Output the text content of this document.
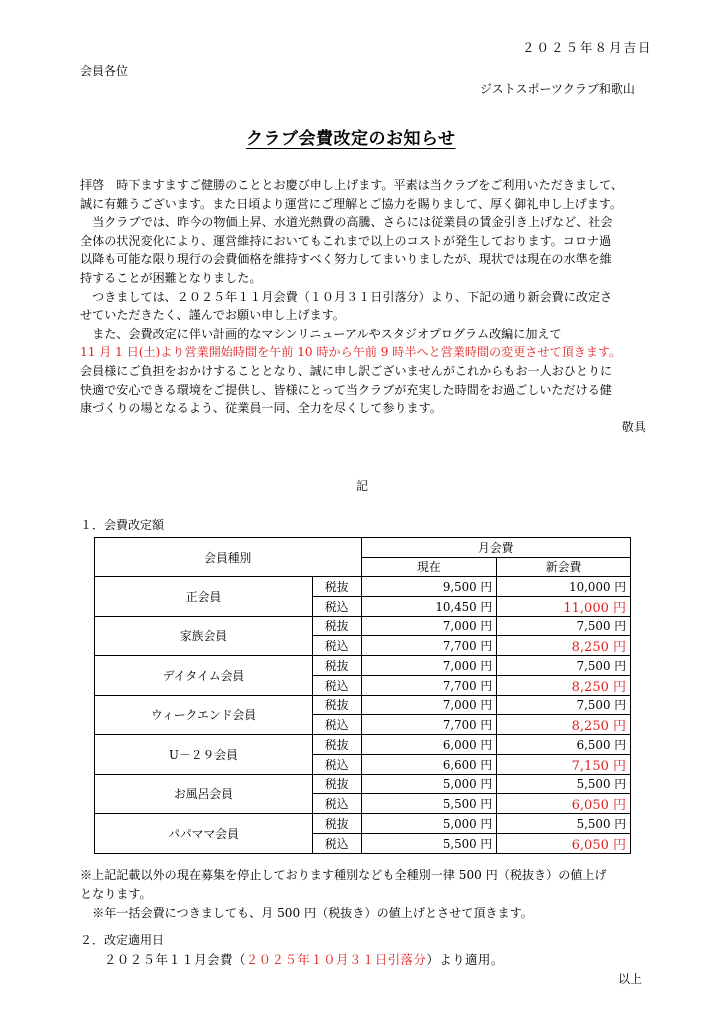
２０２５年８月吉日
会員各位
ジストスポーツクラブ和歌山
クラブ会費改定のお知らせ

拝啓　時下ますますご健勝のこととお慶び申し上げます。平素は当クラブをご利用いただきまして、

誠に有難うございます。また日頃より運営にご理解とご協力を賜りまして、厚く御礼申し上げます。

　当クラブでは、昨今の物価上昇、水道光熱費の高騰、さらには従業員の賃金引き上げなど、社会

全体の状況変化により、運営維持においてもこれまで以上のコストが発生しております。コロナ過

以降も可能な限り現行の会費価格を維持すべく努力してまいりましたが、現状では現在の水準を維

持することが困難となりました。

　つきましては、２０２５年１１月会費（１０月３１日引落分）より、下記の通り新会費に改定さ

せていただきたく、謹んでお願い申し上げます。

　また、会費改定に伴い計画的なマシンリニューアルやスタジオプログラム改編に加えて

11 月 1 日(土)より営業開始時間を午前 10 時から午前 9 時半へと営業時間の変更させて頂きます。

会員様にご負担をおかけすることとなり、誠に申し訳ございませんがこれからもお一人おひとりに

快適で安心できる環境をご提供し、皆様にとって当クラブが充実した時間をお過ごしいただける健

康づくりの場となるよう、従業員一同、全力を尽くして参ります。

敬具

記
１．会費改定額
会員種別		月会費	
		現在	新会費
正会員	税抜	9,500 円	10,000 円
	税込	10,450 円	11,000 円
家族会員	税抜	7,000 円	7,500 円
	税込	7,700 円	8,250 円
デイタイム会員	税抜	7,000 円	7,500 円
	税込	7,700 円	8,250 円
ウィークエンド会員	税抜	7,000 円	7,500 円
	税込	7,700 円	8,250 円
U－２９会員	税抜	6,000 円	6,500 円
	税込	6,600 円	7,150 円
お風呂会員	税抜	5,000 円	5,500 円
	税込	5,500 円	6,050 円
パパママ会員	税抜	5,000 円	5,500 円
	税込	5,500 円	6,050 円

※上記記載以外の現在募集を停止しております種別なども全種別一律 500 円（税抜き）の値上げ

となります。

　※年一括会費につきましても、月 500 円（税抜き）の値上げとさせて頂きます。

２．改定適用日
２０２５年１１月会費（２０２５年１０月３１日引落分）より適用。
以上
